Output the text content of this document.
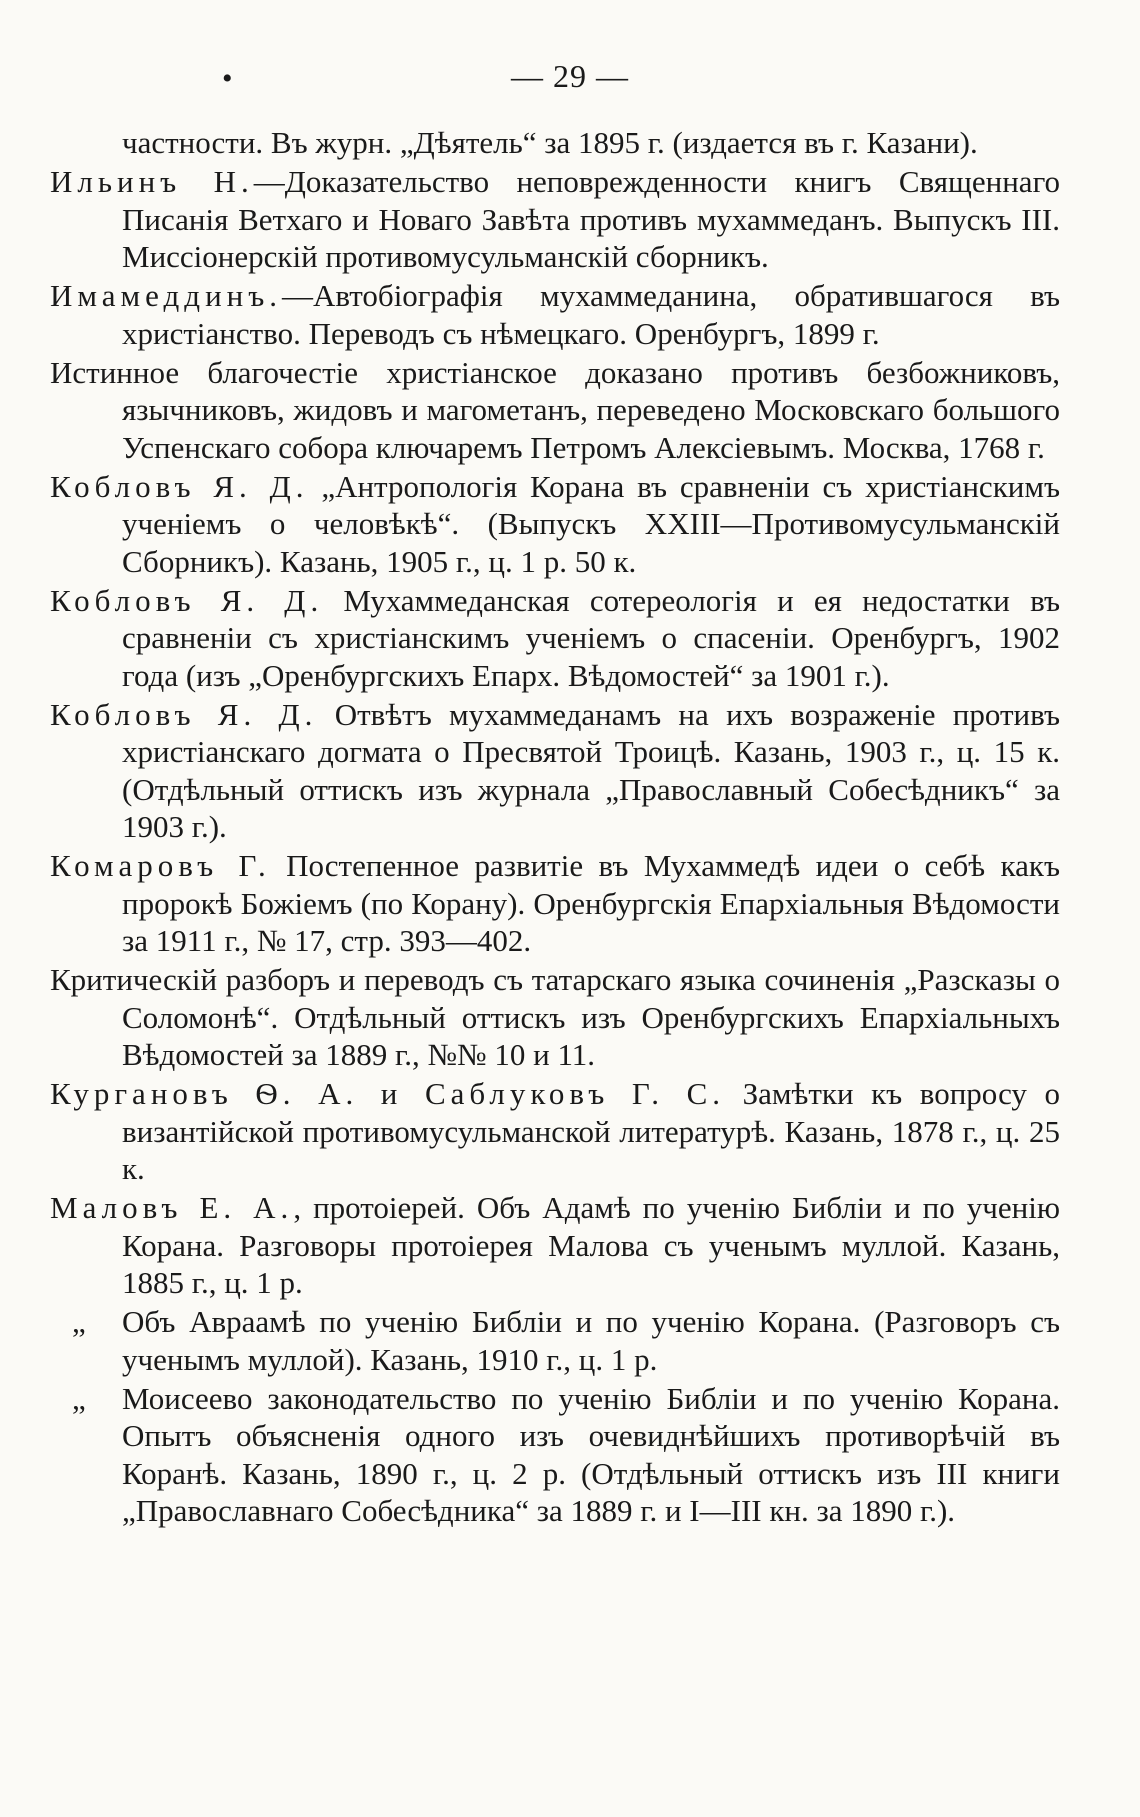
•	— 29 —

частности. Въ журн. „Дѣятель“ за 1895 г. (издается въ г. Казани).

Ильинъ Н.—Доказательство неповрежденности книгъ Священнаго Писанія Ветхаго и Новаго Завѣта противъ мухаммеданъ. Выпускъ III. Миссіонерскій противомусульманскій сборникъ.

Имамеддинъ.—Автобіографія мухаммеданина, обратившагося въ христіанство. Переводъ съ нѣмецкаго. Оренбургъ, 1899 г.

Истинное благочестіе христіанское доказано противъ безбожниковъ, язычниковъ, жидовъ и магометанъ, переведено Московскаго большого Успенскаго собора ключаремъ Петромъ Алексіевымъ. Москва, 1768 г.

Кобловъ Я. Д. „Антропологія Корана въ сравненіи съ христіанскимъ ученіемъ о человѣкѣ“. (Выпускъ XXIII—Противомусульманскій Сборникъ). Казань, 1905 г., ц. 1 р. 50 к.

Кобловъ Я. Д. Мухаммеданская сотереологія и ея недостатки въ сравненіи съ христіанскимъ ученіемъ о спасеніи. Оренбургъ, 1902 года (изъ „Оренбургскихъ Епарх. Вѣдомостей“ за 1901 г.).

Кобловъ Я. Д. Отвѣтъ мухаммеданамъ на ихъ возраженіе противъ христіанскаго догмата о Пресвятой Троицѣ. Казань, 1903 г., ц. 15 к. (Отдѣльный оттискъ изъ журнала „Православный Собесѣдникъ“ за 1903 г.).

Комаровъ Г. Постепенное развитіе въ Мухаммедѣ идеи о себѣ какъ пророкѣ Божіемъ (по Корану). Оренбургскія Епархіальныя Вѣдомости за 1911 г., № 17, стр. 393—402.

Критическій разборъ и переводъ съ татарскаго языка сочиненія „Разсказы о Соломонѣ“. Отдѣльный оттискъ изъ Оренбургскихъ Епархіальныхъ Вѣдомостей за 1889 г., №№ 10 и 11.

Кургановъ Ѳ. А. и Саблуковъ Г. С. Замѣтки къ вопросу о византійской противомусульманской литературѣ. Казань, 1878 г., ц. 25 к.

Маловъ Е. А., протоіерей. Объ Адамѣ по ученію Библіи и по ученію Корана. Разговоры протоіерея Малова съ ученымъ муллой. Казань, 1885 г., ц. 1 р.

„ Объ Авраамѣ по ученію Библіи и по ученію Корана. (Разговоръ съ ученымъ муллой). Казань, 1910 г., ц. 1 р.

„ Моисеево законодательство по ученію Библіи и по ученію Корана. Опытъ объясненія одного изъ очевиднѣйшихъ противорѣчій въ Коранѣ. Казань, 1890 г., ц. 2 р. (Отдѣльный оттискъ изъ III книги „Православнаго Собесѣдника“ за 1889 г. и I—III кн. за 1890 г.).
